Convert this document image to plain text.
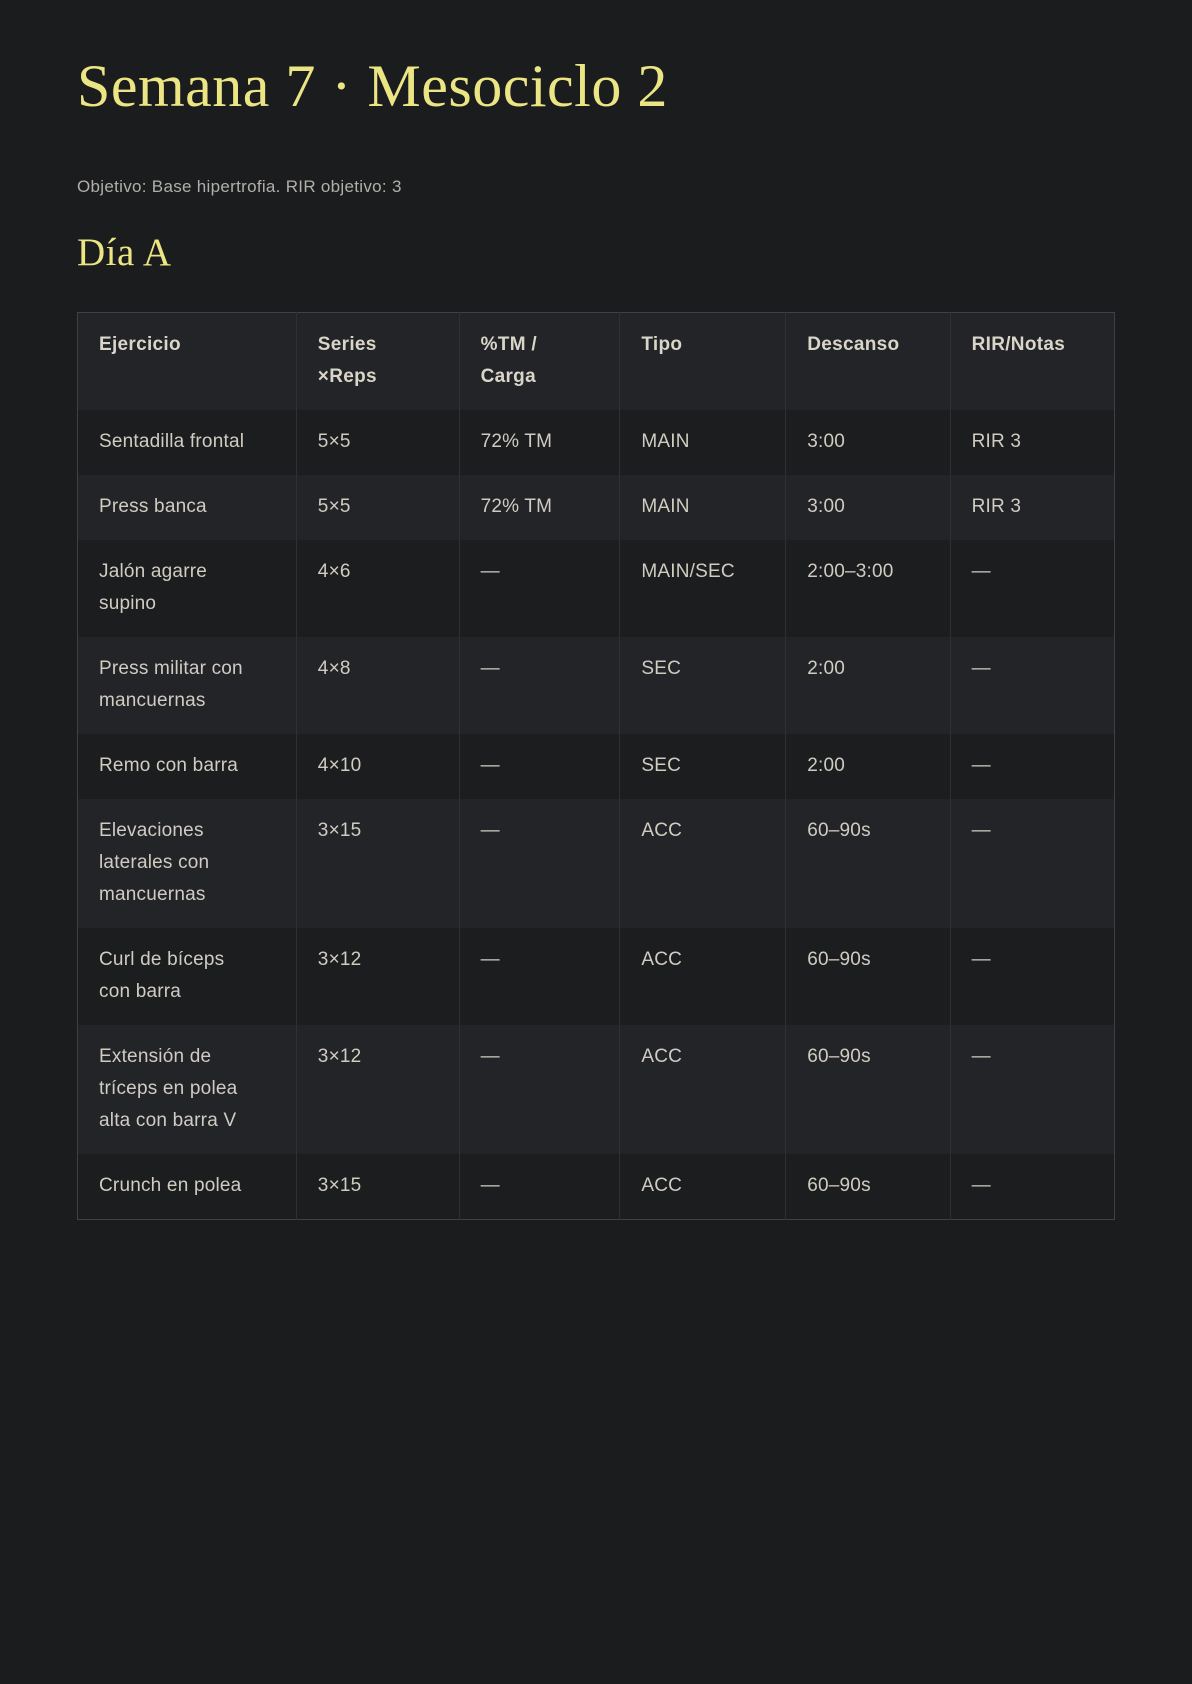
Semana 7 · Mesociclo 2

Objetivo: Base hipertrofia. RIR objetivo: 3

Día A
Ejercicio	Series ×Reps	%TM / Carga	Tipo	Descanso	RIR/Notas
Sentadilla frontal	5×5	72% TM	MAIN	3:00	RIR 3
Press banca	5×5	72% TM	MAIN	3:00	RIR 3
Jalón agarre supino	4×6	—	MAIN/SEC	2:00–3:00	—
Press militar con mancuernas	4×8	—	SEC	2:00	—
Remo con barra	4×10	—	SEC	2:00	—
Elevaciones laterales con mancuernas	3×15	—	ACC	60–90s	—
Curl de bíceps con barra	3×12	—	ACC	60–90s	—
Extensión de tríceps en polea alta con barra V	3×12	—	ACC	60–90s	—
Crunch en polea	3×15	—	ACC	60–90s	—
